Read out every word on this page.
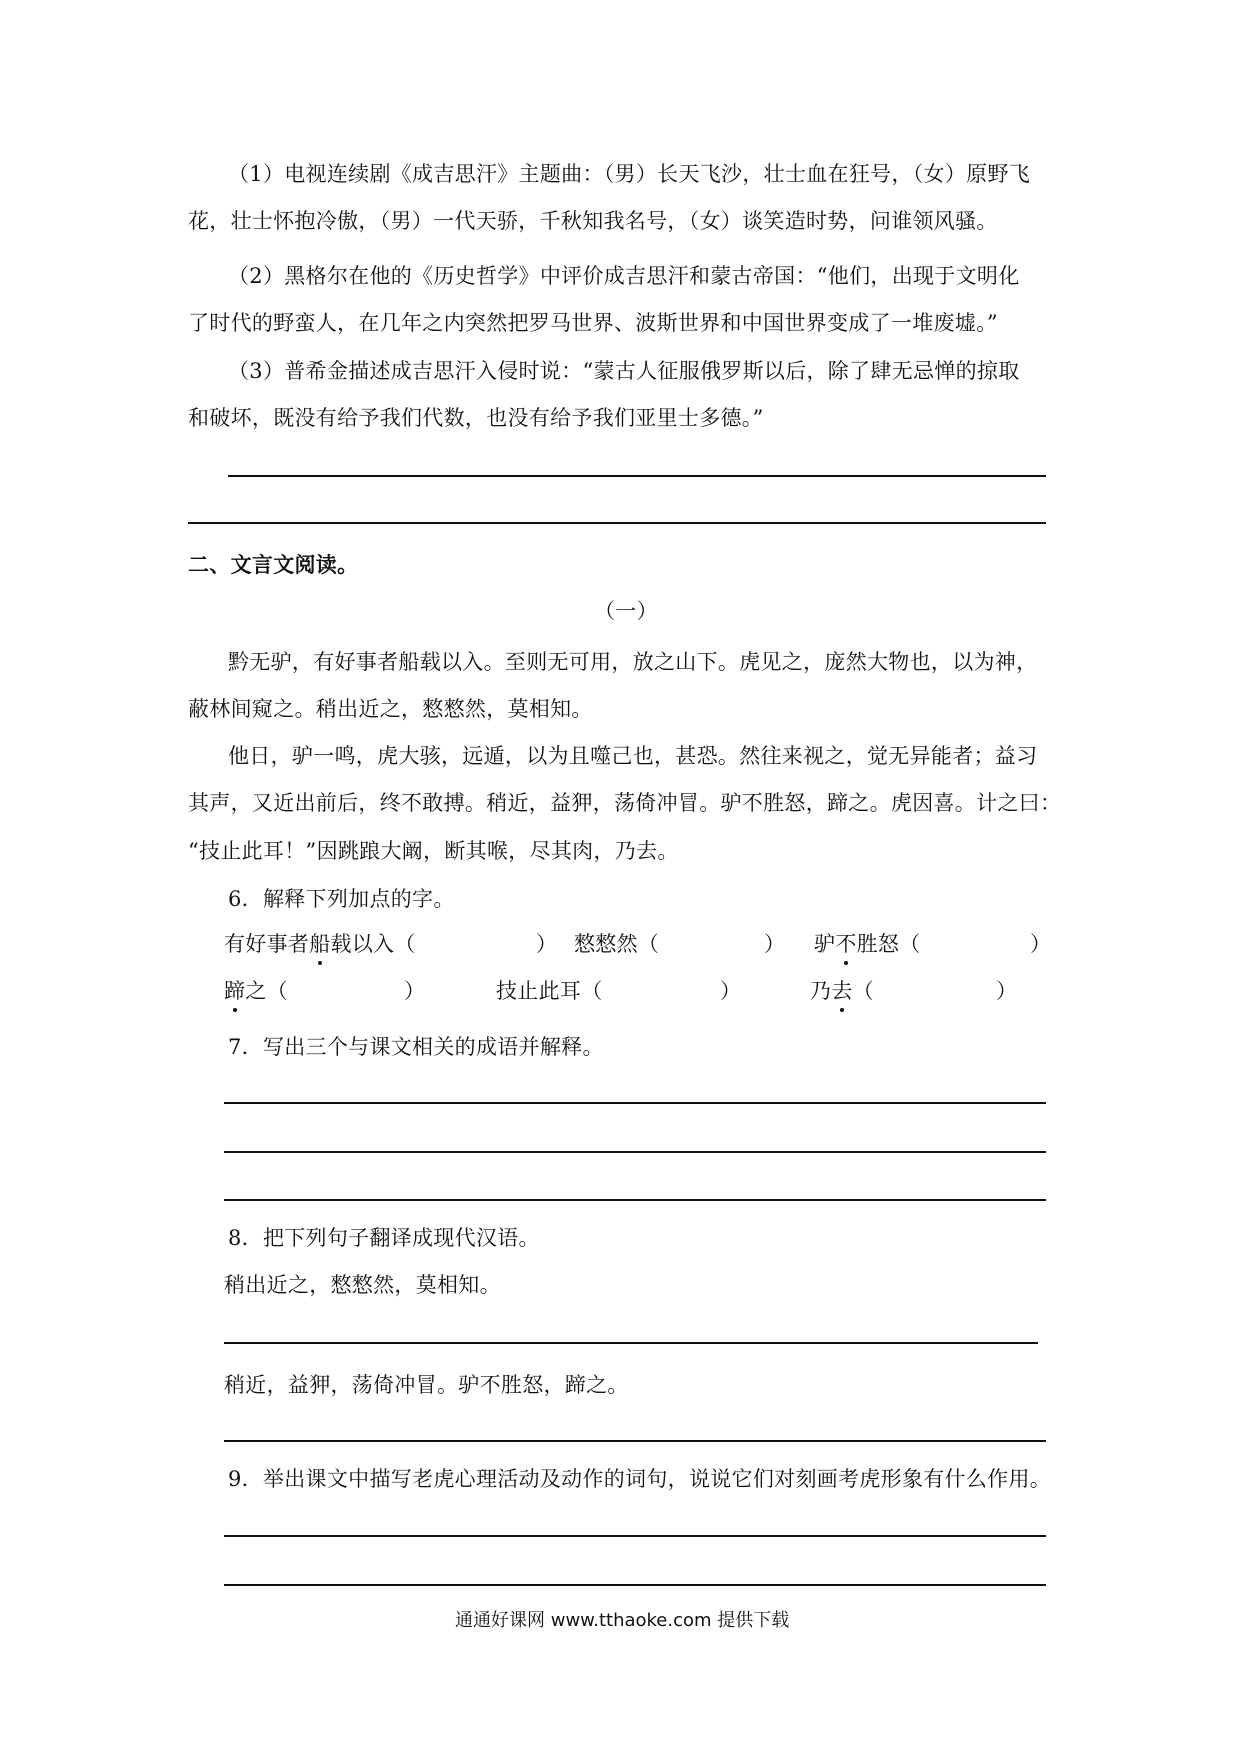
（1）电视连续剧《成吉思汗》主题曲：（男）长天飞沙，壮士血在狂号，（女）原野飞
花，壮士怀抱冷傲，（男）一代天骄，千秋知我名号，（女）谈笑造时势，问谁领风骚。
（2）黑格尔在他的《历史哲学》中评价成吉思汗和蒙古帝国：“他们，出现于文明化
了时代的野蛮人，在几年之内突然把罗马世界、波斯世界和中国世界变成了一堆废墟。”
（3）普希金描述成吉思汗入侵时说：“蒙古人征服俄罗斯以后，除了肆无忌惮的掠取
和破坏，既没有给予我们代数，也没有给予我们亚里士多德。”
二、文言文阅读。
（一）
黔无驴，有好事者船载以入。至则无可用，放之山下。虎见之，庞然大物也，以为神，
蔽林间窥之。稍出近之，憗憗然，莫相知。
他日，驴一鸣，虎大骇，远遁，以为且噬己也，甚恐。然往来视之，觉无异能者；益习
其声，又近出前后，终不敢搏。稍近，益狎，荡倚冲冒。驴不胜怒，蹄之。虎因喜。计之曰：
“技止此耳！”因跳踉大阚，断其喉，尽其肉，乃去。
6．解释下列加点的字。
有好事者船载以入（	） 憗憗然（	） 驴不胜怒（	）
蹄之（	）	技止此耳（	）	乃去（	）
7．写出三个与课文相关的成语并解释。
8．把下列句子翻译成现代汉语。
稍出近之，憗憗然，莫相知。
稍近，益狎，荡倚冲冒。驴不胜怒，蹄之。
9．举出课文中描写老虎心理活动及动作的词句，说说它们对刻画考虎形象有什么作用。
通通好课网 www.tthaoke.com 提供下载
